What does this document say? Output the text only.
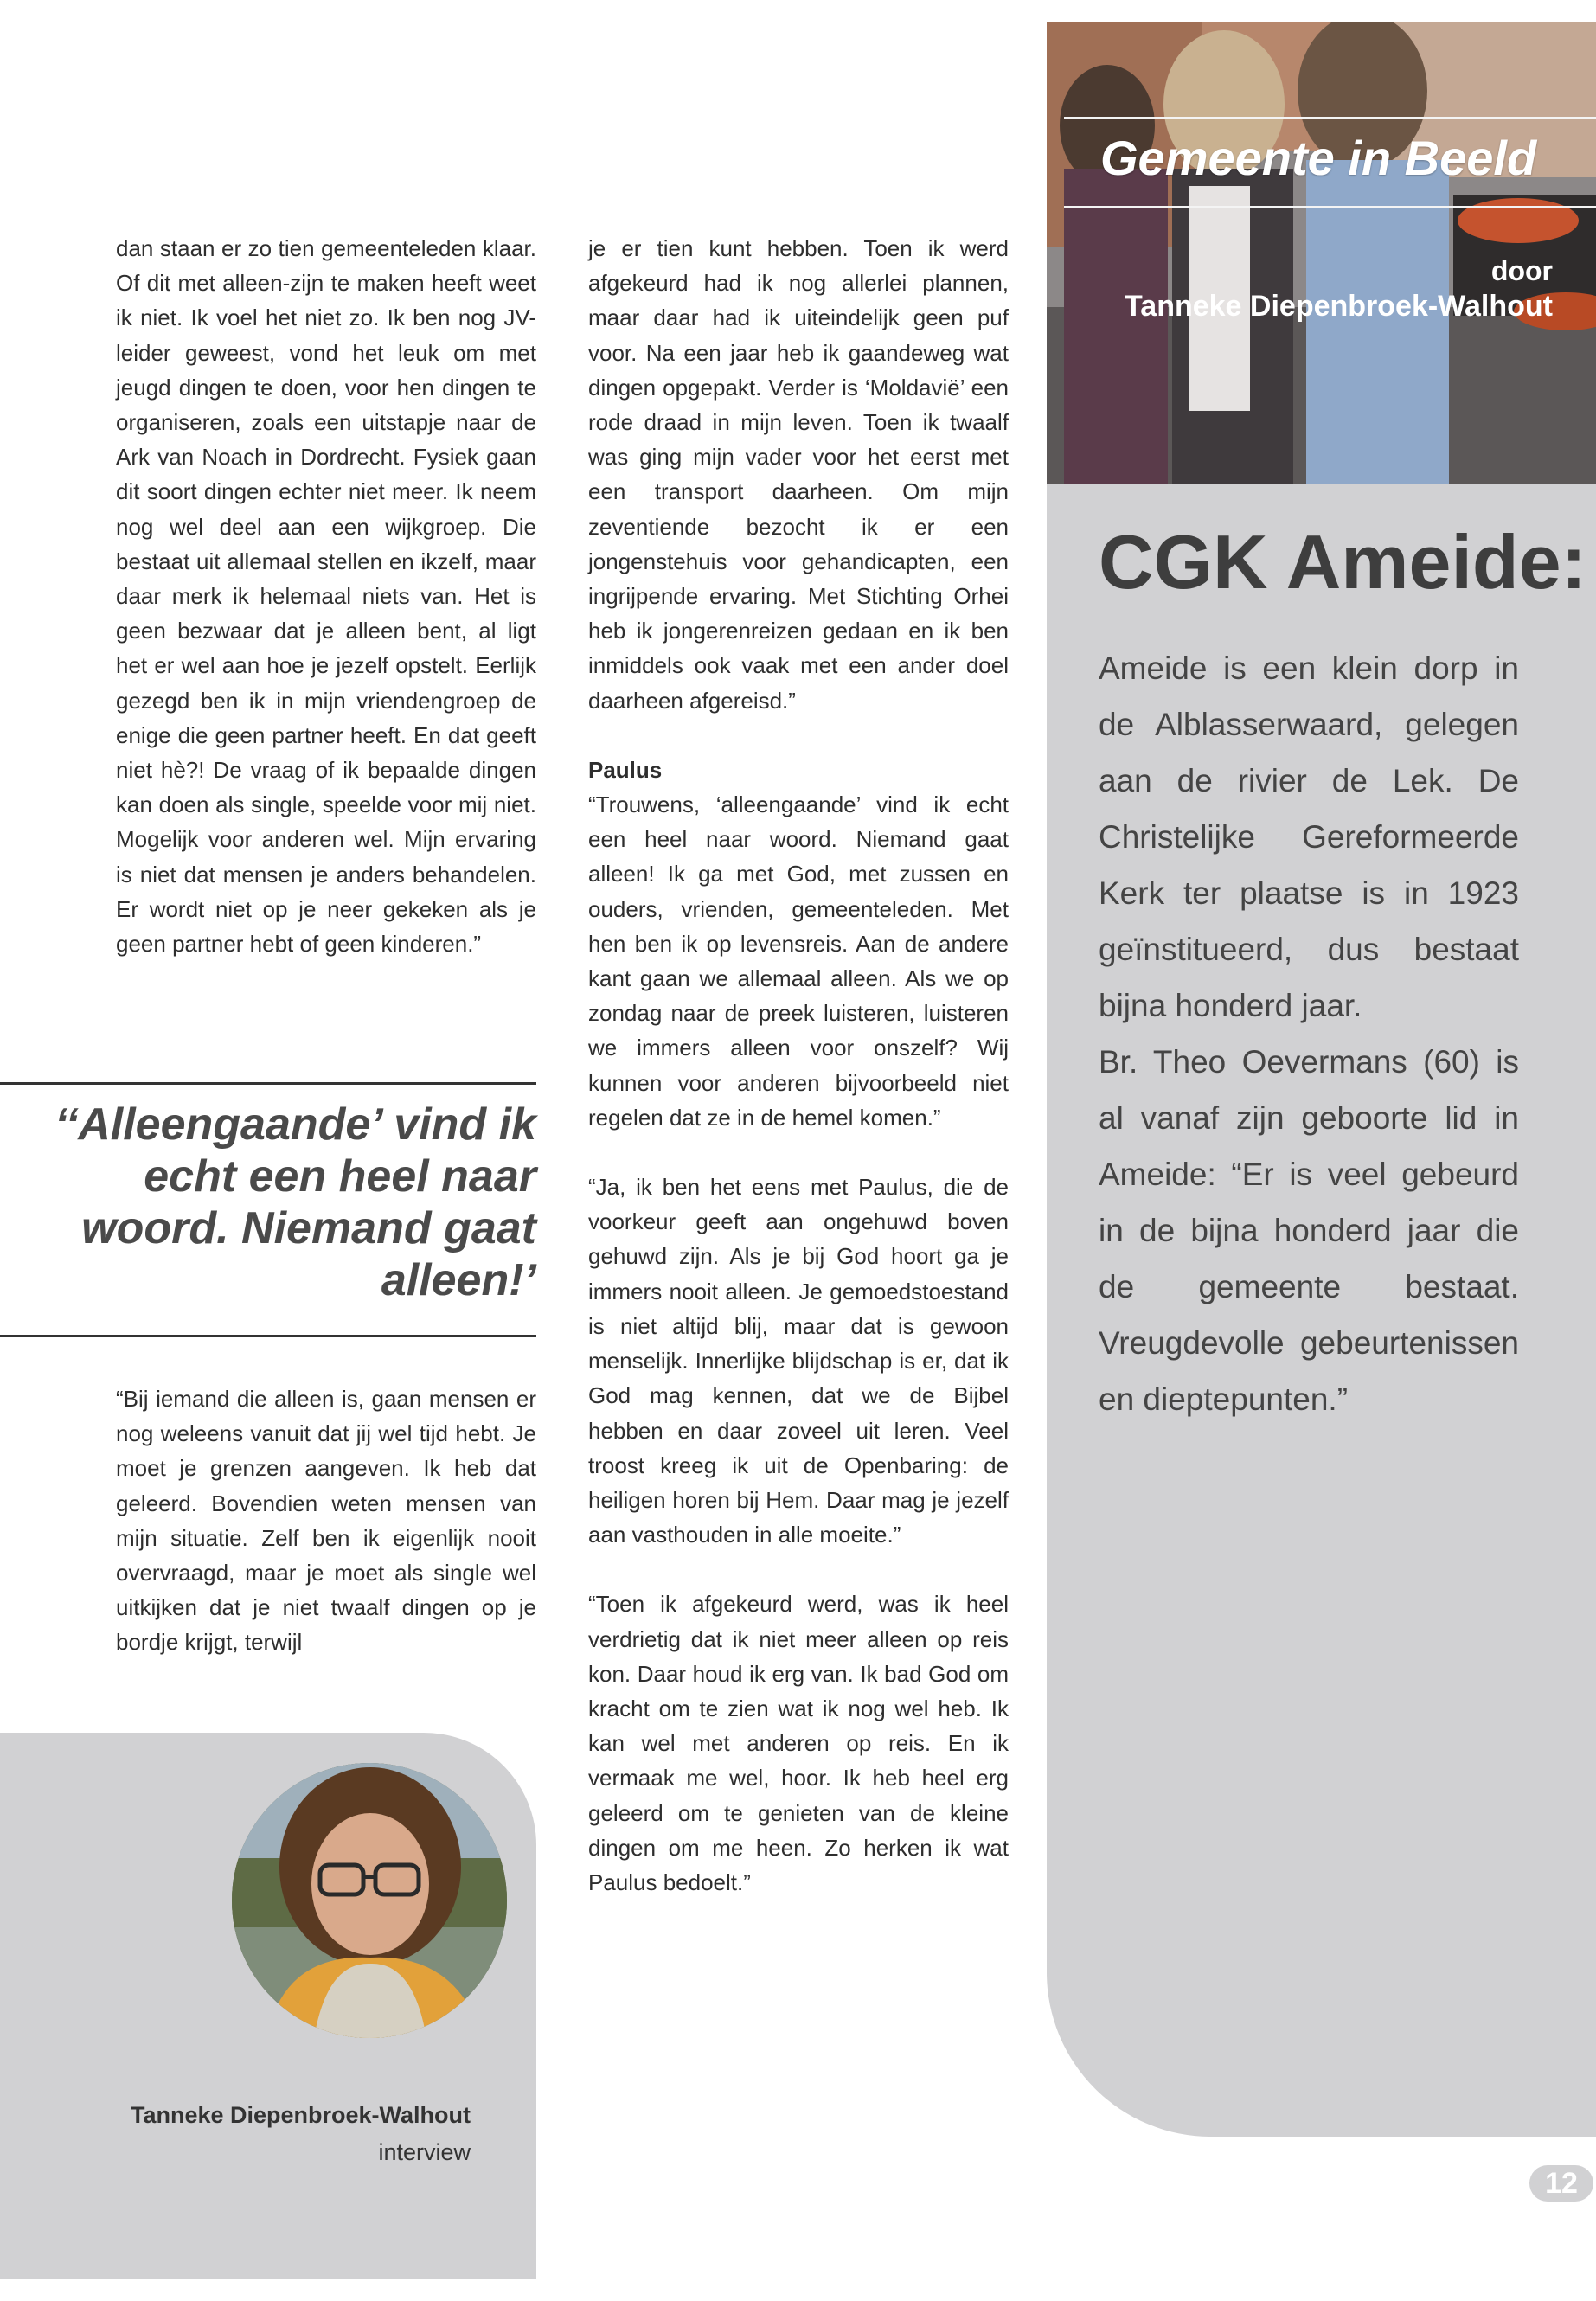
Gemeente in Beeld
door
Tanneke Diepenbroek-Walhout
CGK Ameide:

Ameide is een klein dorp in de Alblasserwaard, gelegen aan de rivier de Lek. De Christelijke Gereformeerde Kerk ter plaatse is in 1923 geïnstitueerd, dus bestaat bijna honderd jaar.

Br. Theo Oevermans (60) is al vanaf zijn geboorte lid in Ameide: “Er is veel gebeurd in de bijna honderd jaar die de gemeente bestaat. Vreugdevolle gebeurtenissen en dieptepunten.”

dan staan er zo tien gemeenteleden klaar. Of dit met alleen-zijn te maken heeft weet ik niet. Ik voel het niet zo. Ik ben nog JV-leider geweest, vond het leuk om met jeugd dingen te doen, voor hen dingen te organiseren, zoals een uitstapje naar de Ark van Noach in Dordrecht. Fysiek gaan dit soort dingen echter niet meer. Ik neem nog wel deel aan een wijkgroep. Die bestaat uit allemaal stellen en ikzelf, maar daar merk ik helemaal niets van. Het is geen bezwaar dat je alleen bent, al ligt het er wel aan hoe je jezelf opstelt. Eerlijk gezegd ben ik in mijn vriendengroep de enige die geen partner heeft. En dat geeft niet hè?! De vraag of ik bepaalde dingen kan doen als single, speelde voor mij niet. Mogelijk voor anderen wel. Mijn ervaring is niet dat mensen je anders behandelen. Er wordt niet op je neer gekeken als je geen partner hebt of geen kinderen.”

‘‘Alleengaande’ vind ik echt een heel naar woord. Niemand gaat alleen!’

“Bij iemand die alleen is, gaan mensen er nog weleens vanuit dat jij wel tijd hebt. Je moet je grenzen aangeven. Ik heb dat geleerd. Bovendien weten mensen van mijn situatie. Zelf ben ik eigenlijk nooit overvraagd, maar je moet als single wel uitkijken dat je niet twaalf dingen op je bordje krijgt, terwijl

je er tien kunt hebben. Toen ik werd afgekeurd had ik nog allerlei plannen, maar daar had ik uiteindelijk geen puf voor. Na een jaar heb ik gaandeweg wat dingen opgepakt. Verder is ‘Moldavië’ een rode draad in mijn leven. Toen ik twaalf was ging mijn vader voor het eerst met een transport daarheen. Om mijn zeventiende bezocht ik er een jongenstehuis voor gehandicapten, een ingrijpende ervaring. Met Stichting Orhei heb ik jongerenreizen gedaan en ik ben inmiddels ook vaak met een ander doel daarheen afgereisd.”

Paulus

“Trouwens, ‘alleengaande’ vind ik echt een heel naar woord. Niemand gaat alleen! Ik ga met God, met zussen en ouders, vrienden, gemeenteleden. Met hen ben ik op levensreis. Aan de andere kant gaan we allemaal alleen. Als we op zondag naar de preek luisteren, luisteren we immers alleen voor onszelf? Wij kunnen voor anderen bijvoorbeeld niet regelen dat ze in de hemel komen.”

“Ja, ik ben het eens met Paulus, die de voorkeur geeft aan ongehuwd boven gehuwd zijn. Als je bij God hoort ga je immers nooit alleen. Je gemoedstoestand is niet altijd blij, maar dat is gewoon menselijk. Innerlijke blijdschap is er, dat ik God mag kennen, dat we de Bijbel hebben en daar zoveel uit leren. Veel troost kreeg ik uit de Openbaring: de heiligen horen bij Hem. Daar mag je jezelf aan vasthouden in alle moeite.”

“Toen ik afgekeurd werd, was ik heel verdrietig dat ik niet meer alleen op reis kon. Daar houd ik erg van. Ik bad God om kracht om te zien wat ik nog wel heb. Ik kan wel met anderen op reis. En ik vermaak me wel, hoor. Ik heb heel erg geleerd om te genieten van de kleine dingen om me heen. Zo herken ik wat Paulus bedoelt.”

Tanneke Diepenbroek-Walhout
interview
12
